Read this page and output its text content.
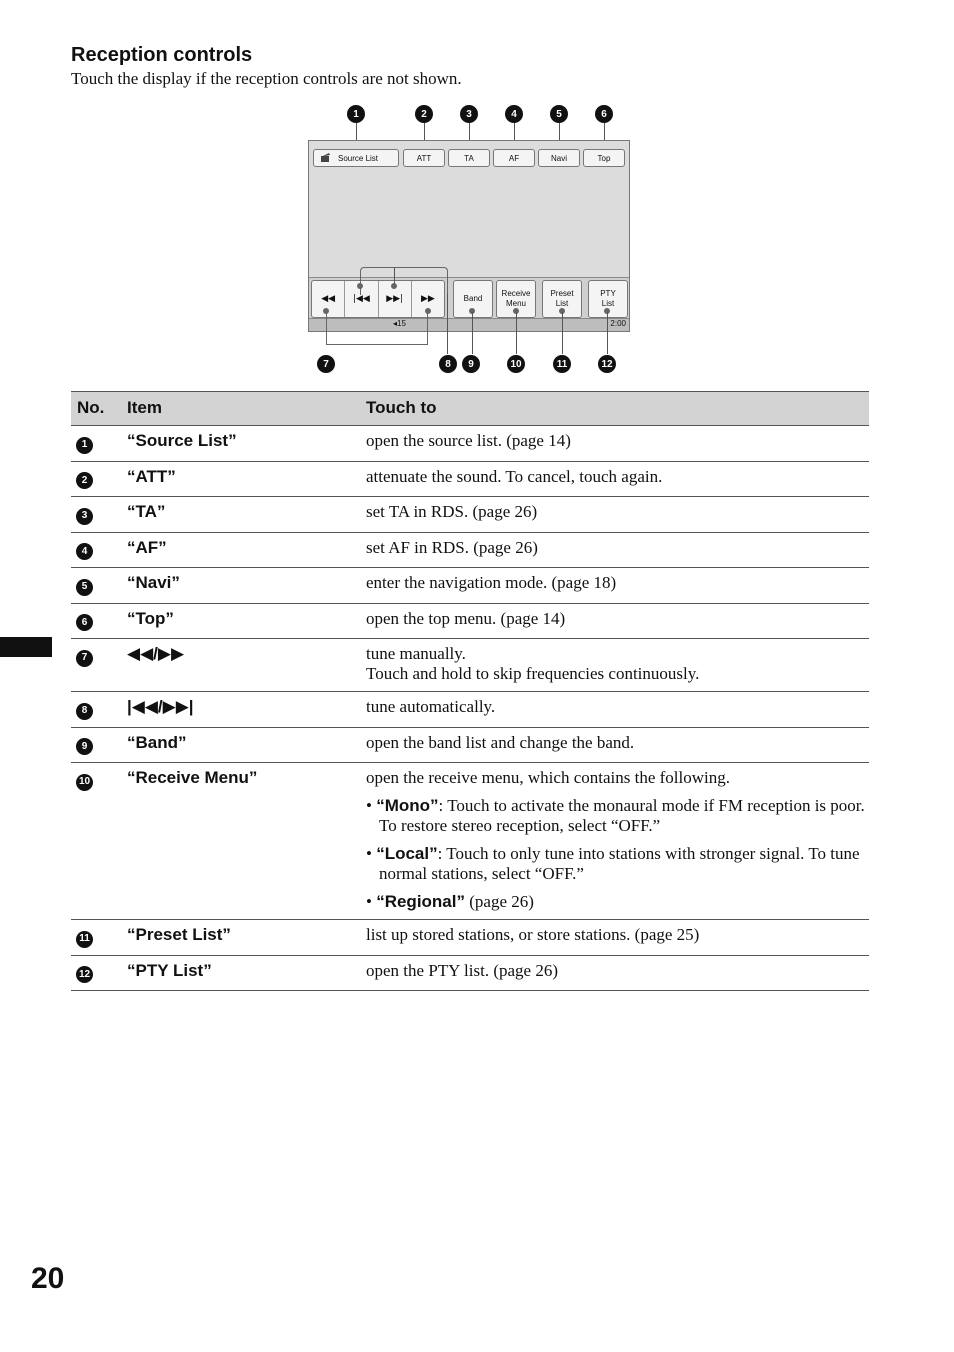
Reception controls
Touch the display if the reception controls are not shown.
1	2	3	4	5	6
Source List	ATT	TA	AF	Navi	Top
◀◀ |◀◀ ▶▶| ▶▶	Band
Receive
Menu
Preset
List
PTY
List
◂15	2:00
7	8	9	10	11	12
No.	Item	Touch to
1	“Source List”	open the source list. (page 14)
2	“ATT”	attenuate the sound. To cancel, touch again.
3	“TA”	set TA in RDS. (page 26)
4	“AF”	set AF in RDS. (page 26)
5	“Navi”	enter the navigation mode. (page 18)
6	“Top”	open the top menu. (page 14)
7	◀◀/▶▶	tune manually.
Touch and hold to skip frequencies continuously.

8	|◀◀/▶▶|	tune automatically.
9	“Band”	open the band list and change the band.
10	“Receive Menu”	open the receive menu, which contains the following.
• “Mono”: Touch to activate the monaural mode if FM reception is poor. To restore stereo reception, select “OFF.”
• “Local”: Touch to only tune into stations with stronger signal. To tune normal stations, select “OFF.”
• “Regional” (page 26)

11	“Preset List”	list up stored stations, or store stations. (page 25)
12	“PTY List”	open the PTY list. (page 26)
20
